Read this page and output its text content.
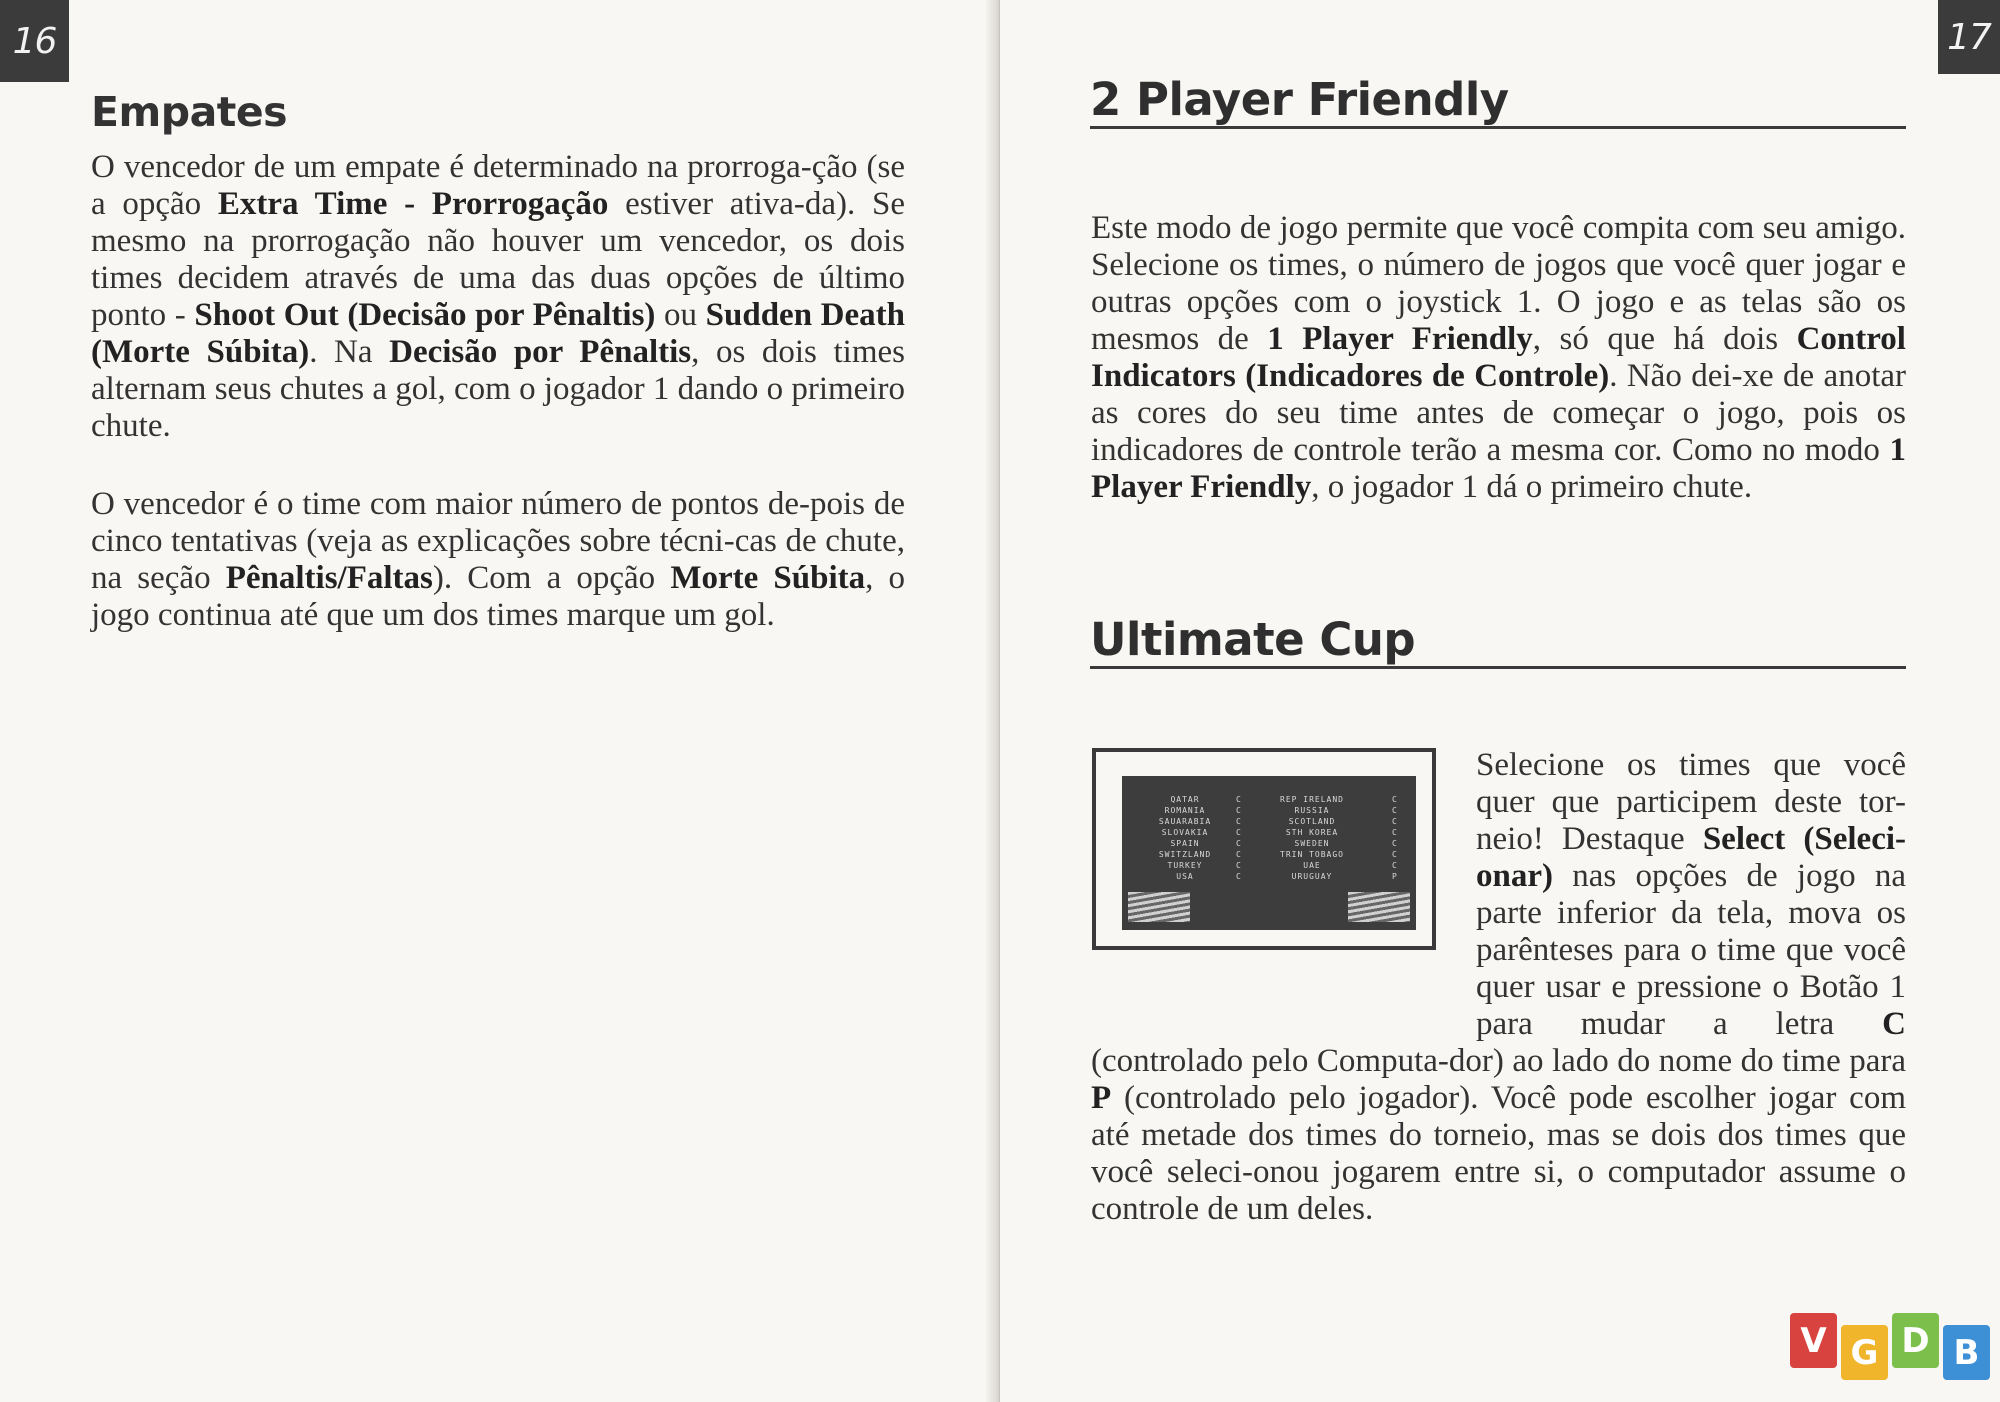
16
Empates

O vencedor de um empate é determinado na prorroga-ção (se a opção Extra Time - Prorrogação estiver ativa-da). Se mesmo na prorrogação não houver um vencedor, os dois times decidem através de uma das duas opções de último ponto - Shoot Out (Decisão por Pênaltis) ou Sudden Death (Morte Súbita). Na Decisão por Pênaltis, os dois times alternam seus chutes a gol, com o jogador 1 dando o primeiro chute.

O vencedor é o time com maior número de pontos de-pois de cinco tentativas (veja as explicações sobre técni-cas de chute, na seção Pênaltis/Faltas). Com a opção Morte Súbita, o jogo continua até que um dos times marque um gol.

17
2 Player Friendly

Este modo de jogo permite que você compita com seu amigo. Selecione os times, o número de jogos que você quer jogar e outras opções com o joystick 1. O jogo e as telas são os mesmos de 1 Player Friendly, só que há dois Control Indicators (Indicadores de Controle). Não dei-xe de anotar as cores do seu time antes de começar o jogo, pois os indicadores de controle terão a mesma cor. Como no modo 1 Player Friendly, o jogador 1 dá o primeiro chute.

Ultimate Cup
QATAR
ROMANIA
SAUARABIA
SLOVAKIA
SPAIN
SWITZLAND
TURKEY
USA
C
C
C
C
C
C
C
C
REP IRELAND
RUSSIA
SCOTLAND
STH KOREA
SWEDEN
TRIN TOBAGO
UAE
URUGUAY
C
C
C
C
C
C
C
P

Selecione os times que você quer que participem deste tor-neio! Destaque Select (Seleci-onar) nas opções de jogo na parte inferior da tela, mova os parênteses para o time que você quer usar e pressione o Botão 1 para mudar a letra C (controlado pelo Computa-dor) ao lado do nome do time para P (controlado pelo jogador). Você pode escolher jogar com até metade dos times do torneio, mas se dois dos times que você seleci-onou jogarem entre si, o computador assume o controle de um deles.

V G D B
